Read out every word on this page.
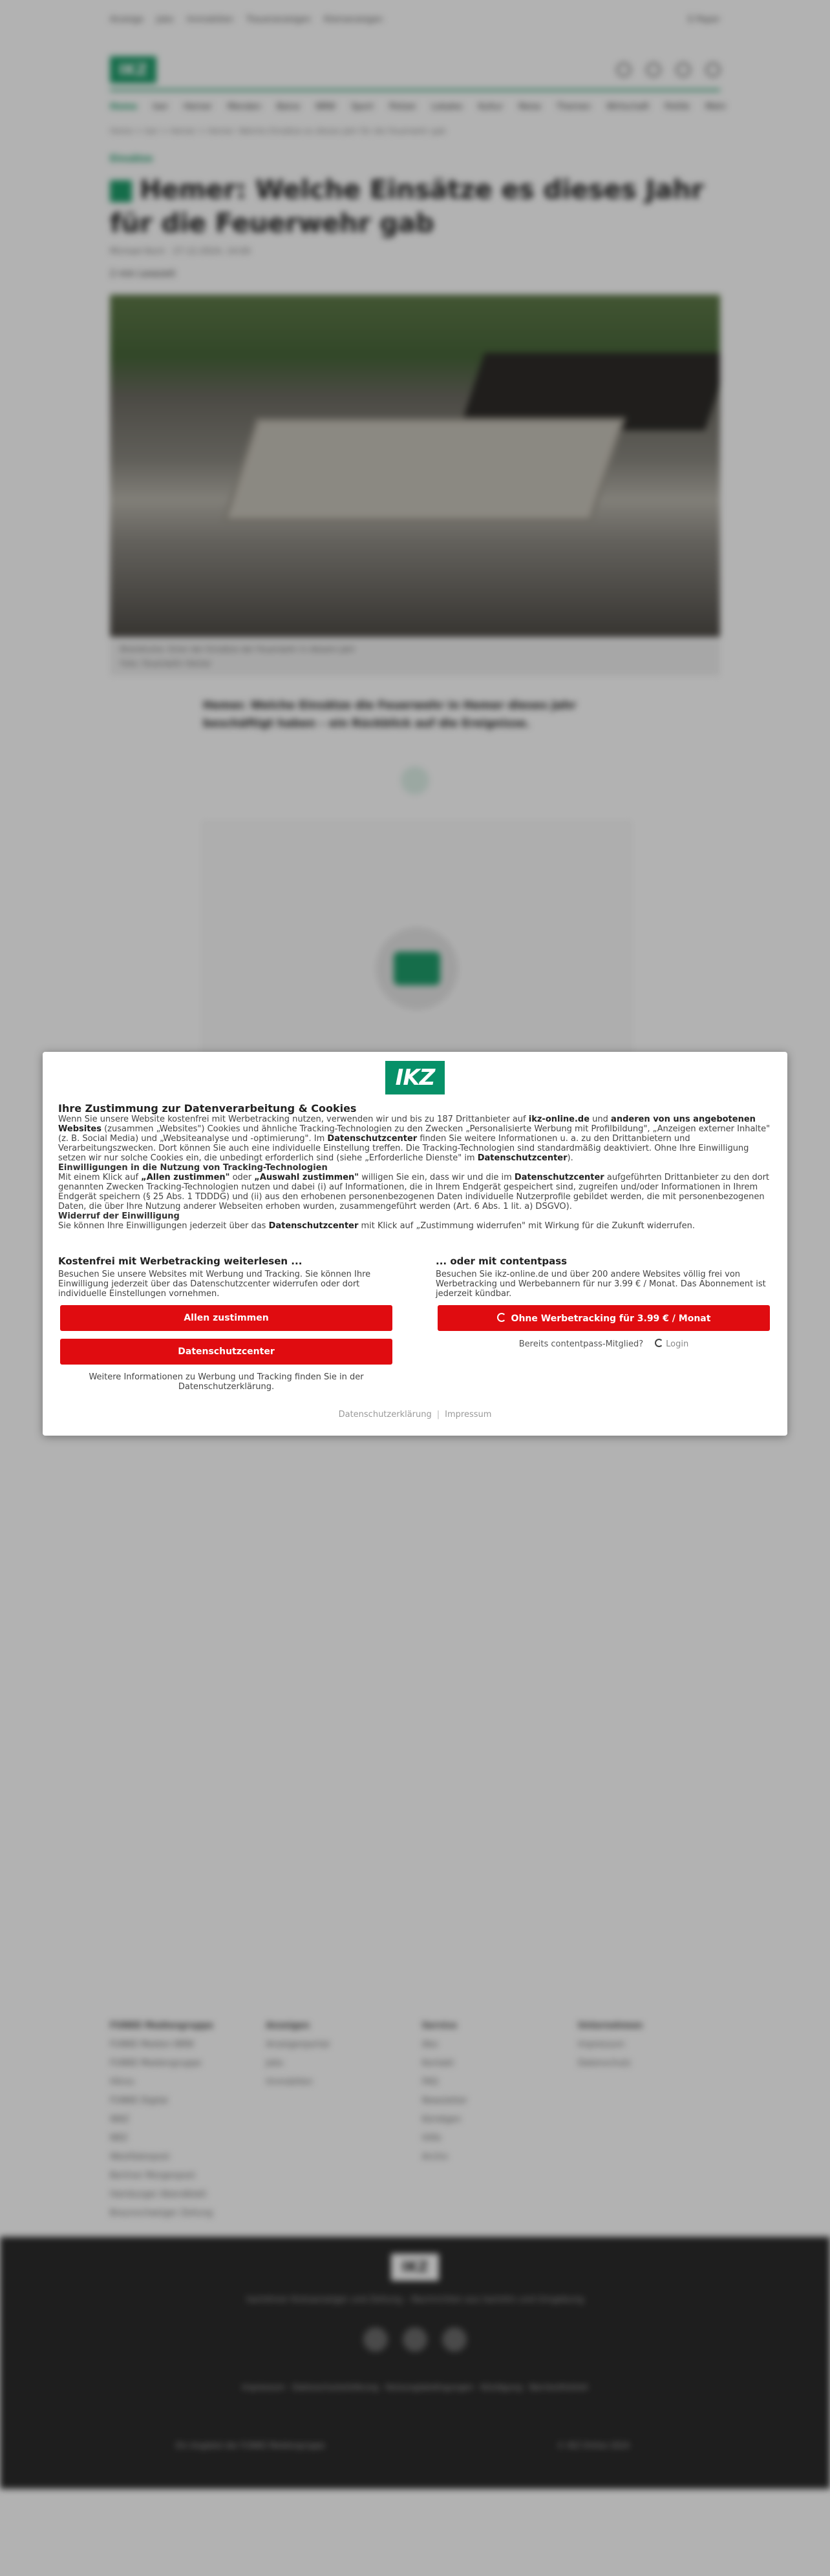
Anzeige Jobs Immobilien Traueranzeigen Kleinanzeigen	E-Paper
IKZ
Home Iser Hemer Menden Balve NRW Sport Polizei Lokales Kultur Reise Themen Wirtschaft Politik Mehr
Home > Iser > Hemer > Hemer: Welche Einsätze es dieses Jahr für die Feuerwehr gab
Einsätze
Hemer: Welche Einsätze es dieses Jahr für die Feuerwehr gab
Michael Koch · 27.12.2024, 14:00
2 min Lesezeit
Brandruine: Einer der Einsätze der Feuerwehr in diesem Jahr
Foto: Feuerwehr Hemer
Hemer. Welche Einsätze die Feuerwehr in Hemer dieses Jahr beschäftigt haben – ein Rückblick auf die Ereignisse.
FUNKE Mediengruppe
FUNKE Medien NRW
FUNKE Mediengruppe
Hörzu
FUNKE Digital
WAZ
NRZ
Westfalenpost
Berliner Morgenpost
Hamburger Abendblatt
Braunschweiger Zeitung
Anzeigen
Anzeigenportal
Jobs
Immobilien
Service
Abo
Kontakt
FAQ
Newsletter
Kündigen
Hilfe
Archiv
Unternehmen
Impressum
Datenschutz
IKZ
Iserlohner Kreisanzeiger und Zeitung – Nachrichten aus Iserlohn und Umgebung
Impressum · Datenschutzerklärung · Nutzungsbedingungen · Kündigung · Barrierefreiheit
Ein Angebot der FUNKE Mediengruppe	© IKZ Online 2024
IKZ
Ihre Zustimmung zur Datenverarbeitung & Cookies

Wenn Sie unsere Website kostenfrei mit Werbetracking nutzen, verwenden wir und bis zu 187 Drittanbieter auf ikz-online.de und anderen von uns angebotenen Websites (zusammen „Websites") Cookies und ähnliche Tracking-Technologien zu den Zwecken „Personalisierte Werbung mit Profilbildung", „Anzeigen externer Inhalte" (z. B. Social Media) und „Websiteanalyse und -optimierung". Im Datenschutzcenter finden Sie weitere Informationen u. a. zu den Drittanbietern und Verarbeitungszwecken. Dort können Sie auch eine individuelle Einstellung treffen. Die Tracking-Technologien sind standardmäßig deaktiviert. Ohne Ihre Einwilligung setzen wir nur solche Cookies ein, die unbedingt erforderlich sind (siehe „Erforderliche Dienste" im Datenschutzcenter).

Einwilligungen in die Nutzung von Tracking-Technologien

Mit einem Klick auf „Allen zustimmen" oder „Auswahl zustimmen" willigen Sie ein, dass wir und die im Datenschutzcenter aufgeführten Drittanbieter zu den dort genannten Zwecken Tracking-Technologien nutzen und dabei (i) auf Informationen, die in Ihrem Endgerät gespeichert sind, zugreifen und/oder Informationen in Ihrem Endgerät speichern (§ 25 Abs. 1 TDDDG) und (ii) aus den erhobenen personenbezogenen Daten individuelle Nutzerprofile gebildet werden, die mit personenbezogenen Daten, die über Ihre Nutzung anderer Webseiten erhoben wurden, zusammengeführt werden (Art. 6 Abs. 1 lit. a) DSGVO).

Widerruf der Einwilligung

Sie können Ihre Einwilligungen jederzeit über das Datenschutzcenter mit Klick auf „Zustimmung widerrufen" mit Wirkung für die Zukunft widerrufen.

Kostenfrei mit Werbetracking weiterlesen ...
Besuchen Sie unsere Websites mit Werbung und Tracking. Sie können Ihre Einwilligung jederzeit über das Datenschutzcenter widerrufen oder dort individuelle Einstellungen vornehmen.
Allen zustimmen
Datenschutzcenter
Weitere Informationen zu Werbung und Tracking finden Sie in der Datenschutzerklärung.
... oder mit contentpass
Besuchen Sie ikz-online.de und über 200 andere Websites völlig frei von Werbetracking und Werbebannern für nur 3.99 € / Monat. Das Abonnement ist jederzeit kündbar.
Ohne Werbetracking für 3.99 € / Monat
Bereits contentpass-Mitglied?	Login
Datenschutzerklärung | Impressum
